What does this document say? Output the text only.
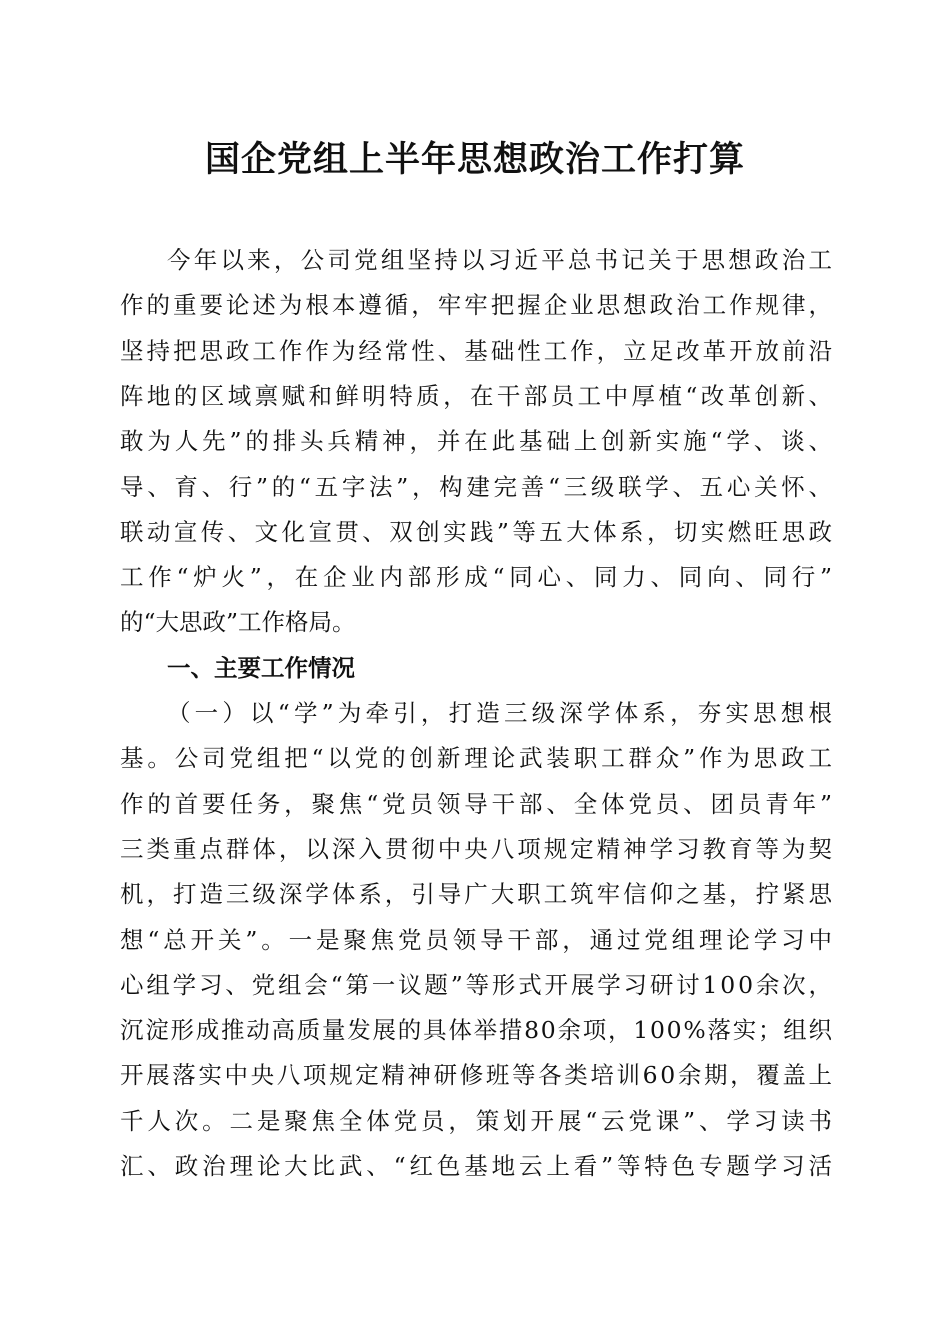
国企党组上半年思想政治工作打算
今年以来，公司党组坚持以习近平总书记关于思想政治工
作的重要论述为根本遵循，牢牢把握企业思想政治工作规律，
坚持把思政工作作为经常性、基础性工作，立足改革开放前沿
阵地的区域禀赋和鲜明特质，在干部员工中厚植“改革创新、
敢为人先”的排头兵精神，并在此基础上创新实施“学、谈、
导、育、行”的“五字法”，构建完善“三级联学、五心关怀、
联动宣传、文化宣贯、双创实践”等五大体系，切实燃旺思政
工作“炉火”，在企业内部形成“同心、同力、同向、同行”
的“大思政”工作格局。
一、主要工作情况
（一）以“学”为牵引，打造三级深学体系，夯实思想根
基。公司党组把“以党的创新理论武装职工群众”作为思政工
作的首要任务，聚焦“党员领导干部、全体党员、团员青年”
三类重点群体，以深入贯彻中央八项规定精神学习教育等为契
机，打造三级深学体系，引导广大职工筑牢信仰之基，拧紧思
想“总开关”。一是聚焦党员领导干部，通过党组理论学习中
心组学习、党组会“第一议题”等形式开展学习研讨100余次，
沉淀形成推动高质量发展的具体举措80余项，100%落实；组织
开展落实中央八项规定精神研修班等各类培训60余期，覆盖上
千人次。二是聚焦全体党员，策划开展“云党课”、学习读书
汇、政治理论大比武、“红色基地云上看”等特色专题学习活
